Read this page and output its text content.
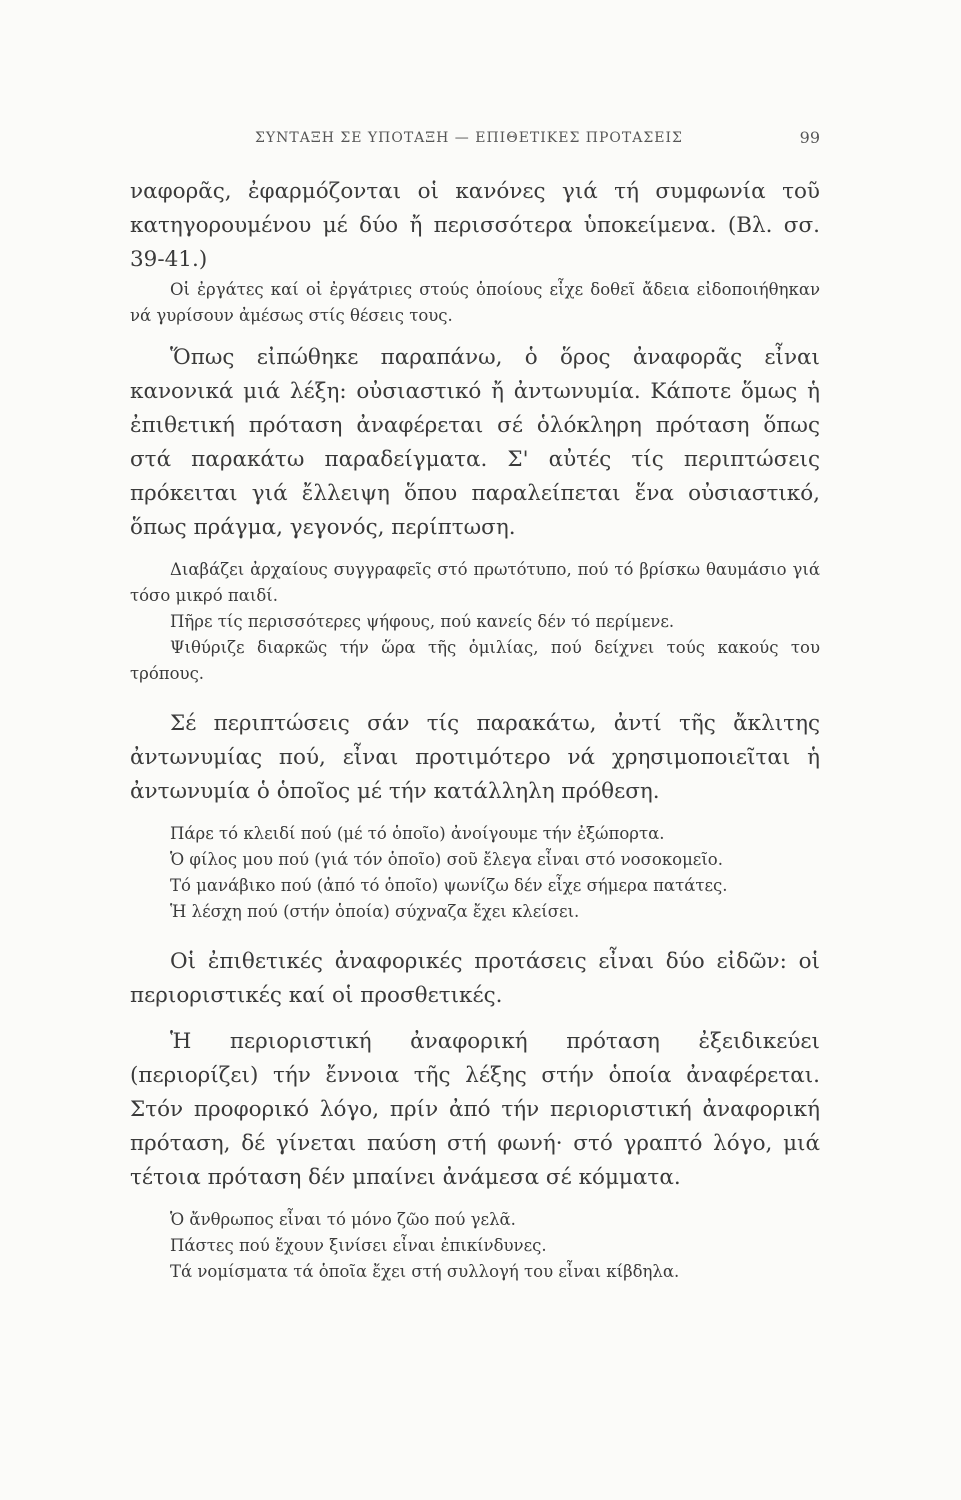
ΣΥΝΤΑΞΗ ΣΕ ΥΠΟΤΑΞΗ — ΕΠΙΘΕΤΙΚΕΣ ΠΡΟΤΑΣΕΙΣ	99

ναφορᾶς, ἐφαρμόζονται οἱ κανόνες γιά τή συμφωνία τοῦ κατηγορουμένου μέ δύο ἤ περισσότερα ὑποκείμενα. (Βλ. σσ. 39-41.)

Οἱ ἐργάτες καί οἱ ἐργάτριες στούς ὁποίους εἶχε δοθεῖ ἄδεια εἰδοποιήθηκαν νά γυρίσουν ἀμέσως στίς θέσεις τους.

Ὅπως εἰπώθηκε παραπάνω, ὁ ὅρος ἀναφορᾶς εἶναι κανονικά μιά λέξη: οὐσιαστικό ἤ ἀντωνυμία. Κάποτε ὅμως ἡ ἐπιθετική πρόταση ἀναφέρεται σέ ὁλόκληρη πρόταση ὅπως στά παρακάτω παραδείγματα. Σ' αὐτές τίς περιπτώσεις πρόκειται γιά ἔλλειψη ὅπου παραλείπεται ἕνα οὐσιαστικό, ὅπως πράγμα, γεγονός, περίπτωση.

Διαβάζει ἀρχαίους συγγραφεῖς στό πρωτότυπο, πού τό βρίσκω θαυμάσιο γιά τόσο μικρό παιδί.

Πῆρε τίς περισσότερες ψήφους, πού κανείς δέν τό περίμενε.

Ψιθύριζε διαρκῶς τήν ὥρα τῆς ὁμιλίας, πού δείχνει τούς κακούς του τρόπους.

Σέ περιπτώσεις σάν τίς παρακάτω, ἀντί τῆς ἄκλιτης ἀντωνυμίας πού, εἶναι προτιμότερο νά χρησιμοποιεῖται ἡ ἀντωνυμία ὁ ὁποῖος μέ τήν κατάλληλη πρόθεση.

Πάρε τό κλειδί πού (μέ τό ὁποῖο) ἀνοίγουμε τήν ἐξώπορτα.

Ὁ φίλος μου πού (γιά τόν ὁποῖο) σοῦ ἔλεγα εἶναι στό νοσοκομεῖο.

Τό μανάβικο πού (ἀπό τό ὁποῖο) ψωνίζω δέν εἶχε σήμερα πατάτες.

Ἡ λέσχη πού (στήν ὁποία) σύχναζα ἔχει κλείσει.

Οἱ ἐπιθετικές ἀναφορικές προτάσεις εἶναι δύο εἰδῶν: οἱ περιοριστικές καί οἱ προσθετικές.

Ἡ περιοριστική ἀναφορική πρόταση ἐξειδικεύει (περιορίζει) τήν ἔννοια τῆς λέξης στήν ὁποία ἀναφέρεται. Στόν προφορικό λόγο, πρίν ἀπό τήν περιοριστική ἀναφορική πρόταση, δέ γίνεται παύση στή φωνή· στό γραπτό λόγο, μιά τέτοια πρόταση δέν μπαίνει ἀνάμεσα σέ κόμματα.

Ὁ ἄνθρωπος εἶναι τό μόνο ζῶο πού γελᾶ.

Πάστες πού ἔχουν ξινίσει εἶναι ἐπικίνδυνες.

Τά νομίσματα τά ὁποῖα ἔχει στή συλλογή του εἶναι κίβδηλα.
